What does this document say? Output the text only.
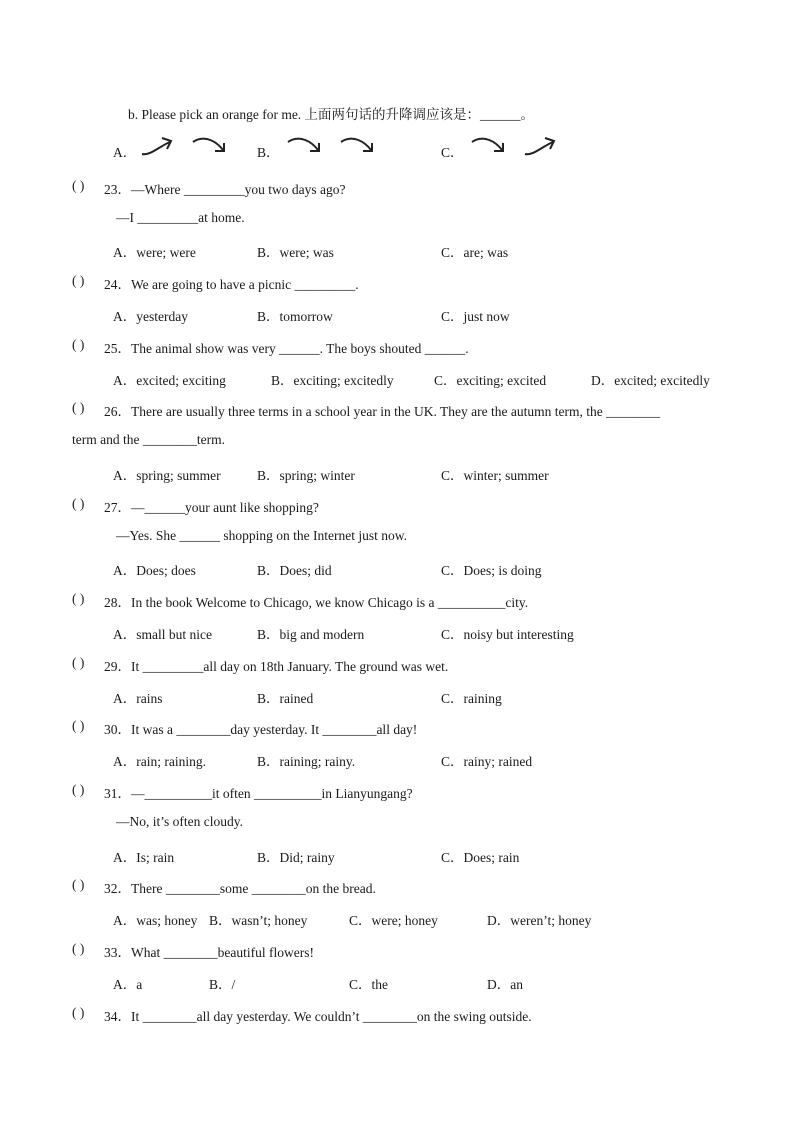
b. Please pick an orange for me. 上面两句话的升降调应该是：______。
A．
	B．
	C．

( ) 23．—Where _________you two days ago?
—I _________at home.
A．were; were	B．were; was	C．are; was
( ) 24．We are going to have a picnic _________.
A．yesterday	B．tomorrow	C．just now
( ) 25．The animal show was very ______. The boys shouted ______.
A．excited; exciting	B．exciting; excitedly	C．exciting; excited	D．excited; excitedly
( ) 26．There are usually three terms in a school year in the UK. They are the autumn term, the ________
term and the ________term.
A．spring; summer	B．spring; winter	C．winter; summer
( ) 27．—______your aunt like shopping?
—Yes. She ______ shopping on the Internet just now.
A．Does; does	B．Does; did	C．Does; is doing
( ) 28．In the book Welcome to Chicago, we know Chicago is a __________city.
A．small but nice	B．big and modern	C．noisy but interesting
( ) 29．It _________all day on 18th January. The ground was wet.
A．rains	B．rained	C．raining
( ) 30．It was a ________day yesterday. It ________all day!
A．rain; raining.	B．raining; rainy.	C．rainy; rained
( ) 31．—__________it often __________in Lianyungang?
—No, it’s often cloudy.
A．Is; rain	B．Did; rainy	C．Does; rain
( ) 32．There ________some ________on the bread.
A．was; honey B．wasn’t; honey	C．were; honey	D．weren’t; honey
( ) 33．What ________beautiful flowers!
A．a	B．/	C．the	D．an
( ) 34．It ________all day yesterday. We couldn’t ________on the swing outside.
